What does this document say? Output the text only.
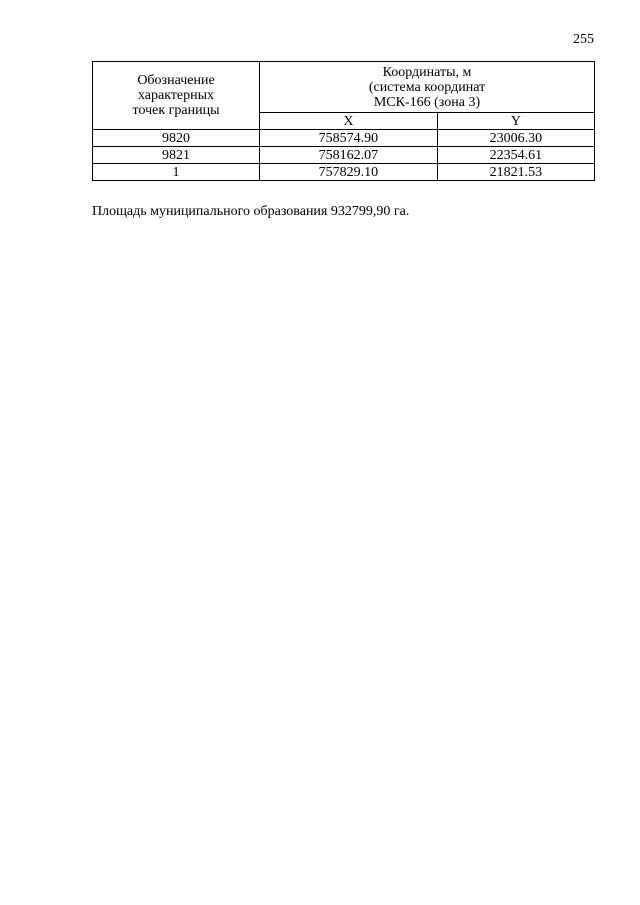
255
Обозначение
характерных
точек границы	Координаты, м
(система координат
МСК-166 (зона 3)	
	X	Y
9820	758574.90	23006.30
9821	758162.07	22354.61
1	757829.10	21821.53
Площадь муниципального образования 932799,90 га.
